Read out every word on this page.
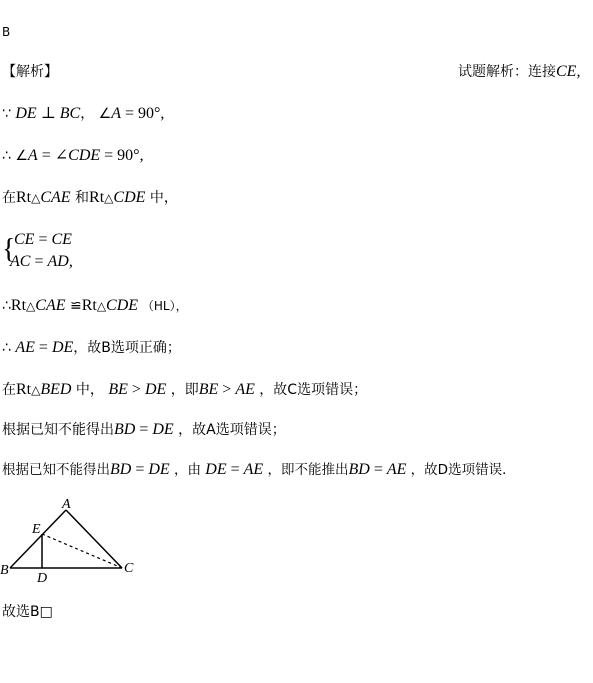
B
【解析】	试题解析：连接CE,
∵ DE ⊥ BC， ∠A = 90°,
∴ ∠A = ∠CDE = 90°,
在Rt△CAE 和Rt△CDE 中，
{
CE = CE
AC = AD,
∴Rt△CAE ≌Rt△CDE （HL），
∴ AE = DE，故B选项正确；
在Rt△BED 中， BE > DE ，即BE > AE ，故C选项错误；
根据已知不能得出BD = DE ，故A选项错误；
根据已知不能得出BD = DE ，由 DE = AE ，即不能推出BD = AE ，故D选项错误．
A
E
B
D
C
故选B□
